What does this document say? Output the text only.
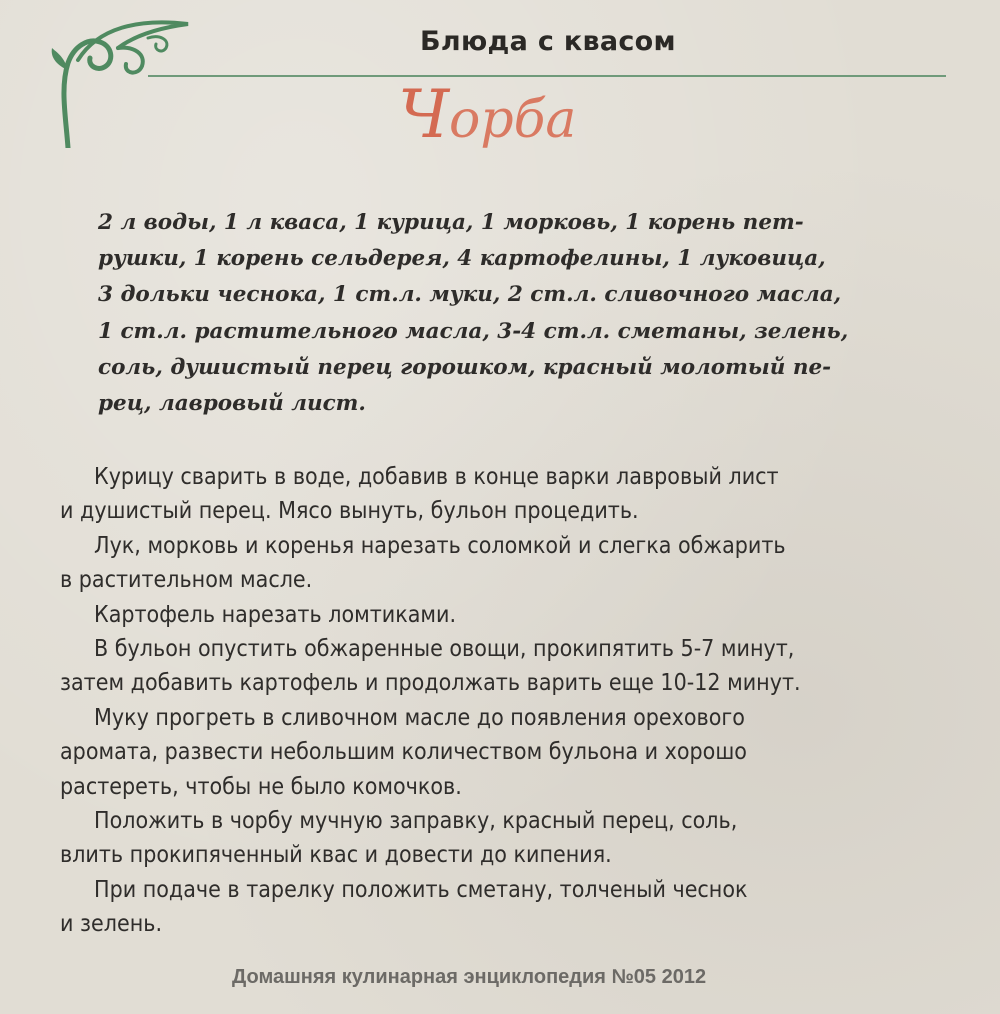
Блюда с квасом
Чорба
2 л воды, 1 л кваса, 1 курица, 1 морковь, 1 корень пет-
рушки, 1 корень сельдерея, 4 картофелины, 1 луковица,
3 дольки чеснока, 1 ст.л. муки, 2 ст.л. сливочного масла,
1 ст.л. растительного масла, 3-4 ст.л. сметаны, зелень,
соль, душистый перец горошком, красный молотый пе-
рец, лавровый лист.
Курицу сварить в воде, добавив в конце варки лавровый лист
и душистый перец. Мясо вынуть, бульон процедить.
Лук, морковь и коренья нарезать соломкой и слегка обжарить
в растительном масле.
Картофель нарезать ломтиками.
В бульон опустить обжаренные овощи, прокипятить 5-7 минут,
затем добавить картофель и продолжать варить еще 10-12 минут.
Муку прогреть в сливочном масле до появления орехового
аромата, развести небольшим количеством бульона и хорошо
растереть, чтобы не было комочков.
Положить в чорбу мучную заправку, красный перец, соль,
влить прокипяченный квас и довести до кипения.
При подаче в тарелку положить сметану, толченый чеснок
и зелень.
Домашняя кулинарная энциклопедия №05 2012
